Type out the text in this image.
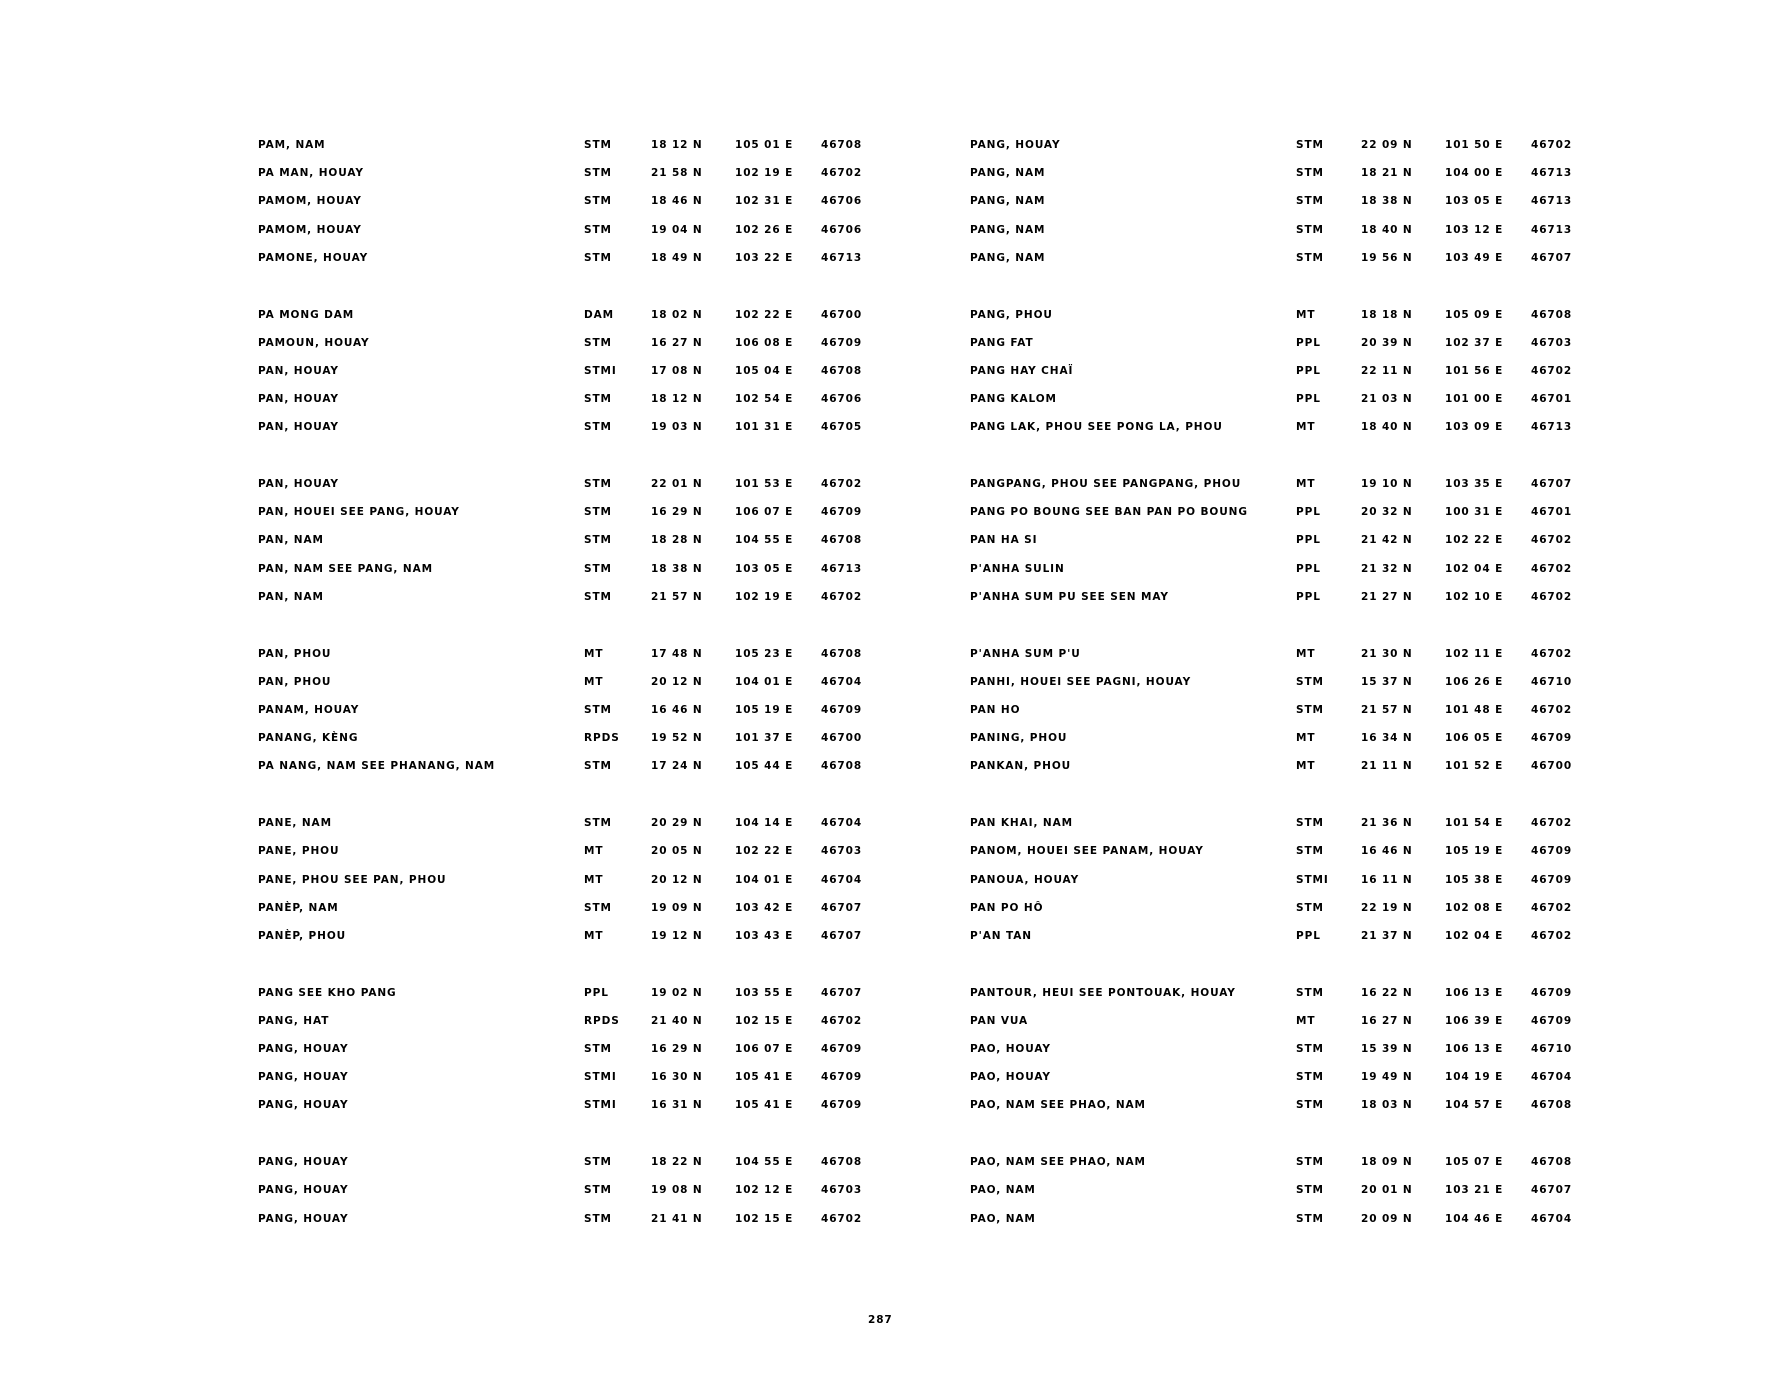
PAM, NAM	STM	18 12 N	105 01 E	46708
PA MAN, HOUAY	STM	21 58 N	102 19 E	46702
PAMOM, HOUAY	STM	18 46 N	102 31 E	46706
PAMOM, HOUAY	STM	19 04 N	102 26 E	46706
PAMONE, HOUAY	STM	18 49 N	103 22 E	46713
PA MONG DAM	DAM	18 02 N	102 22 E	46700
PAMOUN, HOUAY	STM	16 27 N	106 08 E	46709
PAN, HOUAY	STMI	17 08 N	105 04 E	46708
PAN, HOUAY	STM	18 12 N	102 54 E	46706
PAN, HOUAY	STM	19 03 N	101 31 E	46705
PAN, HOUAY	STM	22 01 N	101 53 E	46702
PAN, HOUEI SEE PANG, HOUAY	STM	16 29 N	106 07 E	46709
PAN, NAM	STM	18 28 N	104 55 E	46708
PAN, NAM SEE PANG, NAM	STM	18 38 N	103 05 E	46713
PAN, NAM	STM	21 57 N	102 19 E	46702
PAN, PHOU	MT	17 48 N	105 23 E	46708
PAN, PHOU	MT	20 12 N	104 01 E	46704
PANAM, HOUAY	STM	16 46 N	105 19 E	46709
PANANG, KÈNG	RPDS	19 52 N	101 37 E	46700
PA NANG, NAM SEE PHANANG, NAM	STM	17 24 N	105 44 E	46708
PANE, NAM	STM	20 29 N	104 14 E	46704
PANE, PHOU	MT	20 05 N	102 22 E	46703
PANE, PHOU SEE PAN, PHOU	MT	20 12 N	104 01 E	46704
PANÈP, NAM	STM	19 09 N	103 42 E	46707
PANÈP, PHOU	MT	19 12 N	103 43 E	46707
PANG SEE KHO PANG	PPL	19 02 N	103 55 E	46707
PANG, HAT	RPDS	21 40 N	102 15 E	46702
PANG, HOUAY	STM	16 29 N	106 07 E	46709
PANG, HOUAY	STMI	16 30 N	105 41 E	46709
PANG, HOUAY	STMI	16 31 N	105 41 E	46709
PANG, HOUAY	STM	18 22 N	104 55 E	46708
PANG, HOUAY	STM	19 08 N	102 12 E	46703
PANG, HOUAY	STM	21 41 N	102 15 E	46702
PANG, HOUAY	STM	22 09 N	101 50 E	46702
PANG, NAM	STM	18 21 N	104 00 E	46713
PANG, NAM	STM	18 38 N	103 05 E	46713
PANG, NAM	STM	18 40 N	103 12 E	46713
PANG, NAM	STM	19 56 N	103 49 E	46707
PANG, PHOU	MT	18 18 N	105 09 E	46708
PANG FAT	PPL	20 39 N	102 37 E	46703
PANG HAY CHAÏ	PPL	22 11 N	101 56 E	46702
PANG KALOM	PPL	21 03 N	101 00 E	46701
PANG LAK, PHOU SEE PONG LA, PHOU	MT	18 40 N	103 09 E	46713
PANGPANG, PHOU SEE PANGPANG, PHOU	MT	19 10 N	103 35 E	46707
PANG PO BOUNG SEE BAN PAN PO BOUNG	PPL	20 32 N	100 31 E	46701
PAN HA SI	PPL	21 42 N	102 22 E	46702
P'ANHA SULIN	PPL	21 32 N	102 04 E	46702
P'ANHA SUM PU SEE SEN MAY	PPL	21 27 N	102 10 E	46702
P'ANHA SUM P'U	MT	21 30 N	102 11 E	46702
PANHI, HOUEI SEE PAGNI, HOUAY	STM	15 37 N	106 26 E	46710
PAN HO	STM	21 57 N	101 48 E	46702
PANING, PHOU	MT	16 34 N	106 05 E	46709
PANKAN, PHOU	MT	21 11 N	101 52 E	46700
PAN KHAI, NAM	STM	21 36 N	101 54 E	46702
PANOM, HOUEI SEE PANAM, HOUAY	STM	16 46 N	105 19 E	46709
PANOUA, HOUAY	STMI	16 11 N	105 38 E	46709
PAN PO HÔ	STM	22 19 N	102 08 E	46702
P'AN TAN	PPL	21 37 N	102 04 E	46702
PANTOUR, HEUI SEE PONTOUAK, HOUAY	STM	16 22 N	106 13 E	46709
PAN VUA	MT	16 27 N	106 39 E	46709
PAO, HOUAY	STM	15 39 N	106 13 E	46710
PAO, HOUAY	STM	19 49 N	104 19 E	46704
PAO, NAM SEE PHAO, NAM	STM	18 03 N	104 57 E	46708
PAO, NAM SEE PHAO, NAM	STM	18 09 N	105 07 E	46708
PAO, NAM	STM	20 01 N	103 21 E	46707
PAO, NAM	STM	20 09 N	104 46 E	46704
287
